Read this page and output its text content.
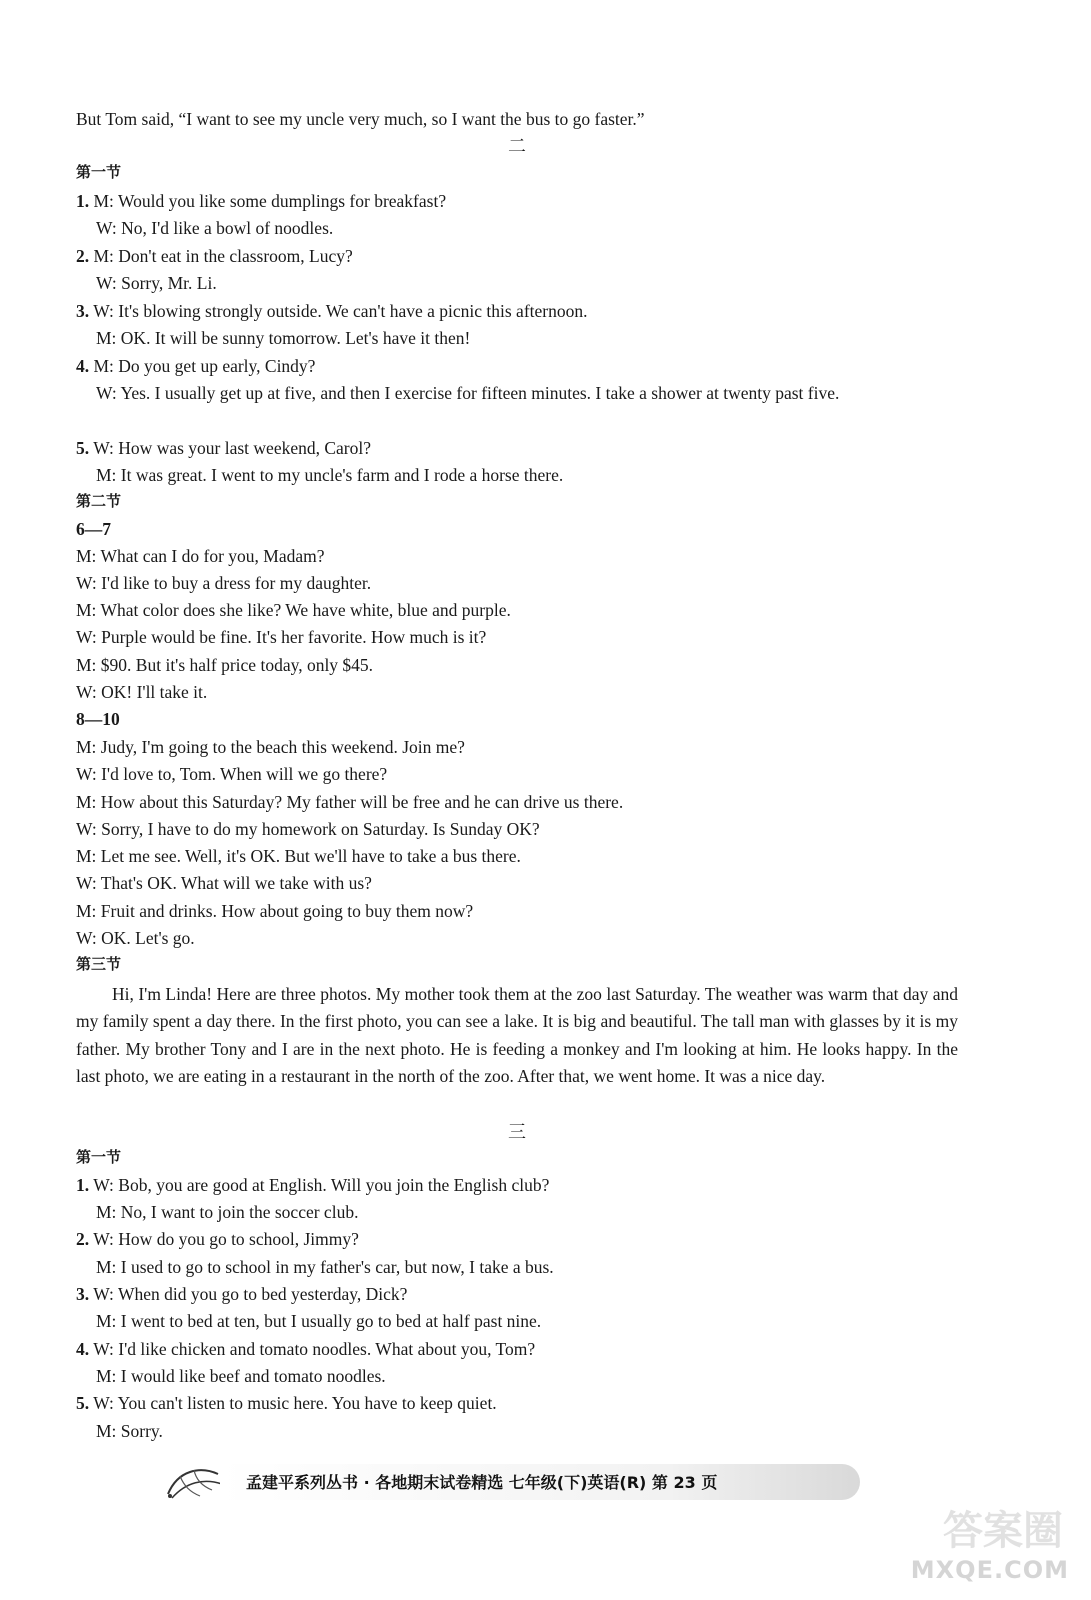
But Tom said, “I want to see my uncle very much, so I want the bus to go faster.”
二
第一节
1. M: Would you like some dumplings for breakfast?
W: No, I'd like a bowl of noodles.
2. M: Don't eat in the classroom, Lucy?
W: Sorry, Mr. Li.
3. W: It's blowing strongly outside. We can't have a picnic this afternoon.
M: OK. It will be sunny tomorrow. Let's have it then!
4. M: Do you get up early, Cindy?
W: Yes. I usually get up at five, and then I exercise for fifteen minutes. I take a shower at twenty past five.
5. W: How was your last weekend, Carol?
M: It was great. I went to my uncle's farm and I rode a horse there.
第二节
6—7
M: What can I do for you, Madam?
W: I'd like to buy a dress for my daughter.
M: What color does she like? We have white, blue and purple.
W: Purple would be fine. It's her favorite. How much is it?
M: $90. But it's half price today, only $45.
W: OK! I'll take it.
8—10
M: Judy, I'm going to the beach this weekend. Join me?
W: I'd love to, Tom. When will we go there?
M: How about this Saturday? My father will be free and he can drive us there.
W: Sorry, I have to do my homework on Saturday. Is Sunday OK?
M: Let me see. Well, it's OK. But we'll have to take a bus there.
W: That's OK. What will we take with us?
M: Fruit and drinks. How about going to buy them now?
W: OK. Let's go.
第三节
Hi, I'm Linda! Here are three photos. My mother took them at the zoo last Saturday. The weather was warm that day and my family spent a day there. In the first photo, you can see a lake. It is big and beautiful. The tall man with glasses by it is my father. My brother Tony and I are in the next photo. He is feeding a monkey and I'm looking at him. He looks happy. In the last photo, we are eating in a restaurant in the north of the zoo. After that, we went home. It was a nice day.
三
第一节
1. W: Bob, you are good at English. Will you join the English club?
M: No, I want to join the soccer club.
2. W: How do you go to school, Jimmy?
M: I used to go to school in my father's car, but now, I take a bus.
3. W: When did you go to bed yesterday, Dick?
M: I went to bed at ten, but I usually go to bed at half past nine.
4. W: I'd like chicken and tomato noodles. What about you, Tom?
M: I would like beef and tomato noodles.
5. W: You can't listen to music here. You have to keep quiet.
M: Sorry.
孟建平系列丛书 · 各地期末试卷精选 七年级(下)英语(R) 第 23 页
答案圈
MXQE.COM
